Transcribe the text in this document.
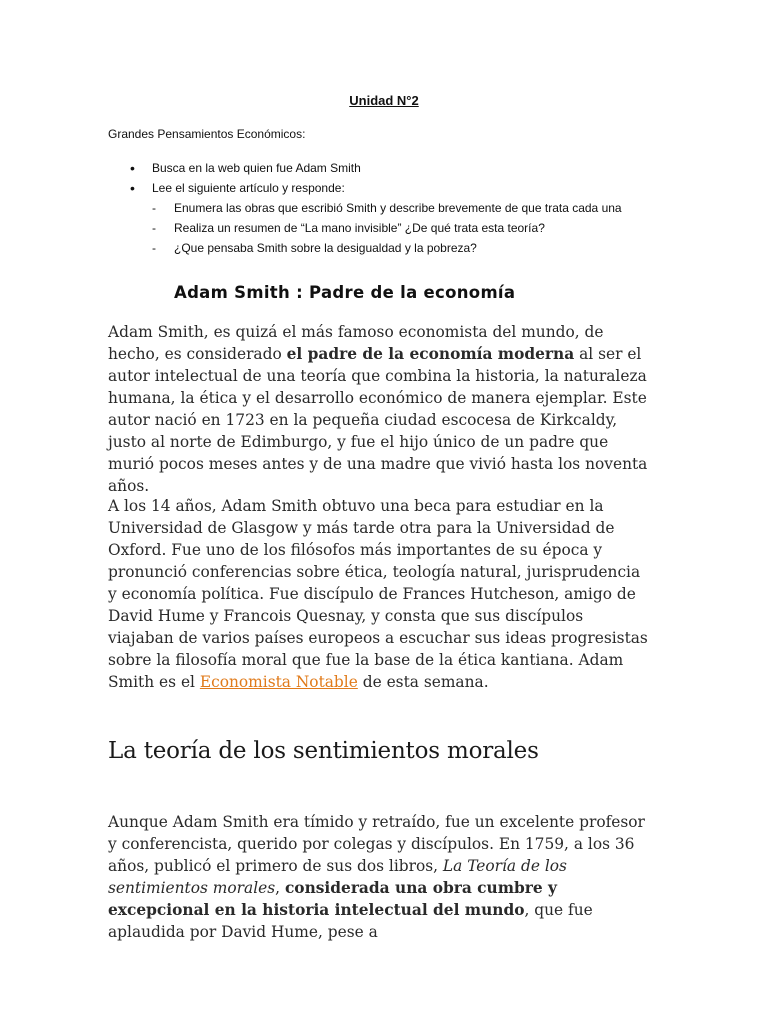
Unidad N°2
Grandes Pensamientos Económicos:
• Busca en la web quien fue Adam Smith
• Lee el siguiente artículo y responde:
- Enumera las obras que escribió Smith y describe brevemente de que trata cada una
- Realiza un resumen de “La mano invisible” ¿De qué trata esta teoría?
- ¿Que pensaba Smith sobre la desigualdad y la pobreza?
Adam Smith : Padre de la economía

Adam Smith, es quizá el más famoso economista del mundo, de hecho, es considerado el padre de la economía moderna al ser el autor intelectual de una teoría que combina la historia, la naturaleza humana, la ética y el desarrollo económico de manera ejemplar. Este autor nació en 1723 en la pequeña ciudad escocesa de Kirkcaldy, justo al norte de Edimburgo, y fue el hijo único de un padre que murió pocos meses antes y de una madre que vivió hasta los noventa años.

A los 14 años, Adam Smith obtuvo una beca para estudiar en la Universidad de Glasgow y más tarde otra para la Universidad de Oxford. Fue uno de los filósofos más importantes de su época y pronunció conferencias sobre ética, teología natural, jurisprudencia y economía política. Fue discípulo de Frances Hutcheson, amigo de David Hume y Francois Quesnay, y consta que sus discípulos viajaban de varios países europeos a escuchar sus ideas progresistas sobre la filosofía moral que fue la base de la ética kantiana. Adam Smith es el Economista Notable de esta semana.

La teoría de los sentimientos morales

Aunque Adam Smith era tímido y retraído, fue un excelente profesor y conferencista, querido por colegas y discípulos. En 1759, a los 36 años, publicó el primero de sus dos libros, La Teoría de los sentimientos morales, considerada una obra cumbre y excepcional en la historia intelectual del mundo, que fue aplaudida por David Hume, pese a
